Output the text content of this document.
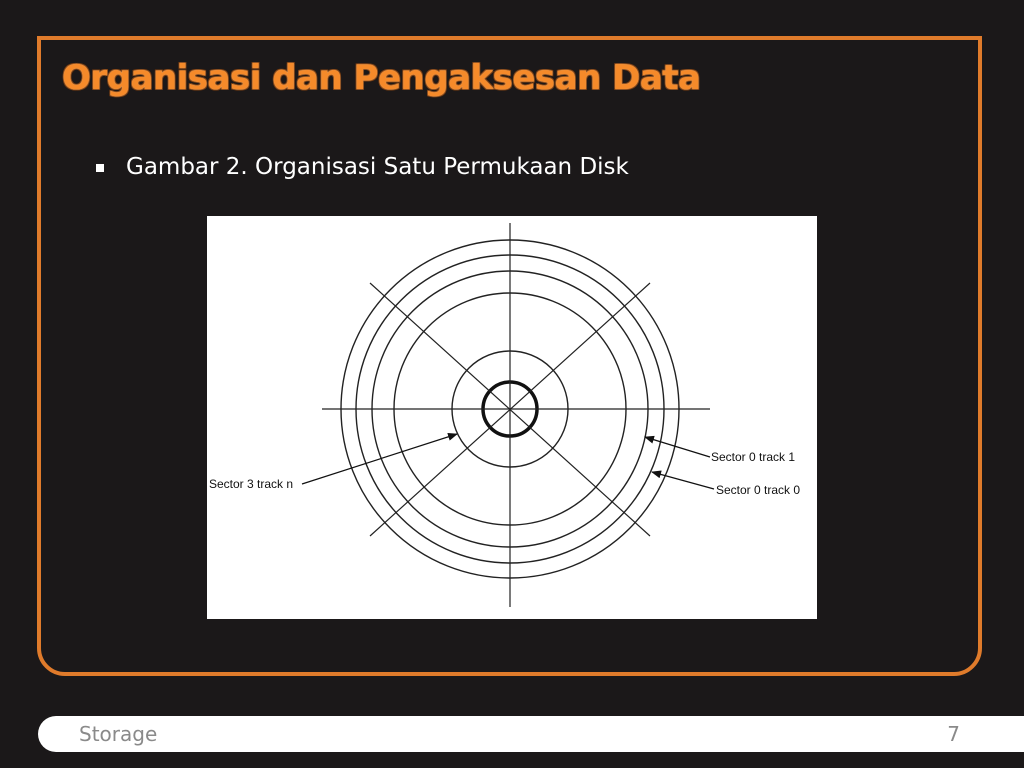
Organisasi dan Pengaksesan Data
Gambar 2. Organisasi Satu Permukaan Disk
Sector 3 track n
Sector 0 track 1
Sector 0 track 0
Storage	7
